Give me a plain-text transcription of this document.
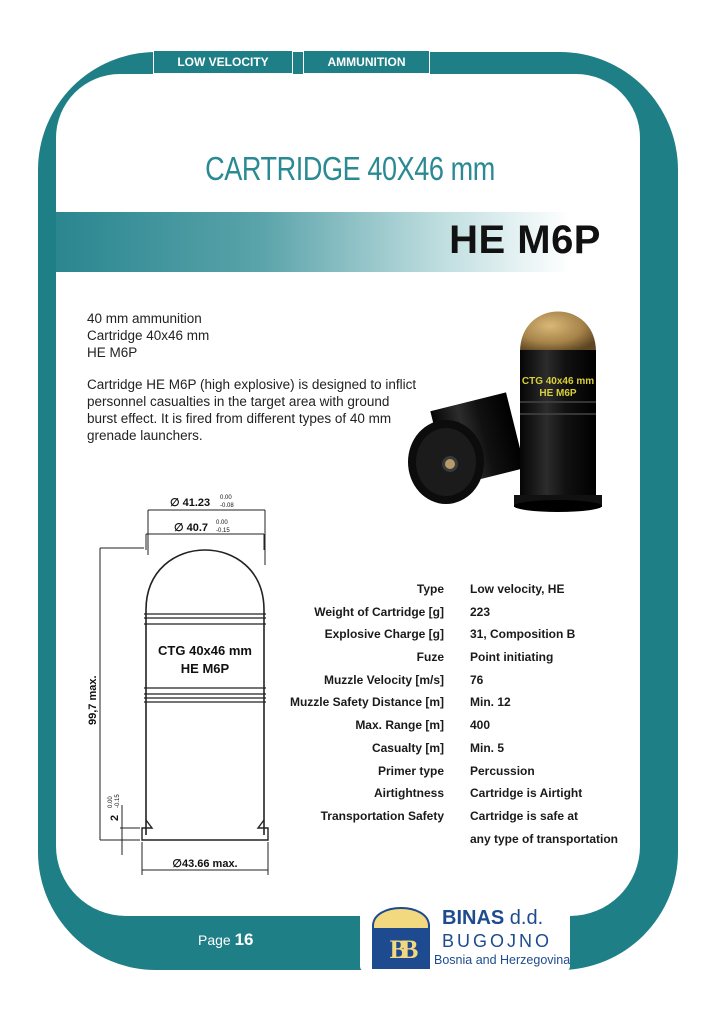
LOW VELOCITY	AMMUNITION
CARTRIDGE 40X46 mm
HE M6P
40 mm ammunition
Cartridge 40x46 mm
HE M6P
Cartridge HE M6P (high explosive) is designed to inflict personnel casualties in the target area with ground burst effect. It is fired from different types of 40 mm grenade launchers.
CTG 40x46 mm
HE M6P
∅ 41.23 0.00
-0.08
∅ 40.7 0.00
-0.15
CTG 40x46 mm
HE M6P
99,7 max.
2
0.00 -0.15
∅43.66 max.
Type Low velocity, HE
Weight of Cartridge [g] 223
Explosive Charge [g] 31, Composition B
Fuze Point initiating
Muzzle Velocity [m/s] 76
Muzzle Safety Distance [m] Min. 12
Max. Range [m] 400
Casualty [m] Min. 5
Primer type Percussion
Airtightness Cartridge is Airtight
Transportation Safety Cartridge is safe at
any type of transportation
Page 16	BB
BINAS d.d.
BUGOJNO
Bosnia and Herzegovina
